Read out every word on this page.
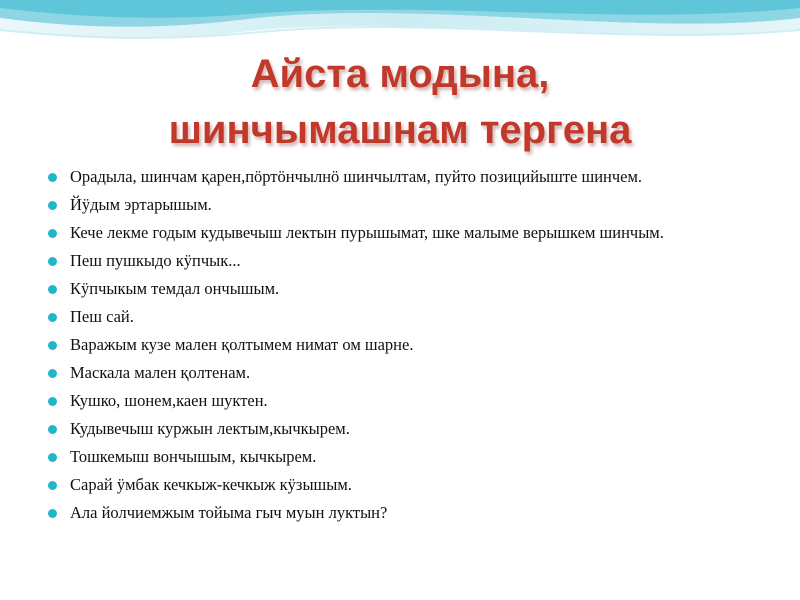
Айста модына,
шинчымашнам тергена
Орадыла, шинчам қарен,пӧртӧнчылнӧ шинчылтам, пуйто позицийыште шинчем.
Йӱдым эртарышым.
Кече лекме годым кудывечыш лектын пурышымат, шке малыме верышкем шинчым.
Пеш пушкыдо кӱпчык...
Кӱпчыкым темдал ончышым.
Пеш сай.
Варажым кузе мален қолтымем нимат ом шарне.
Маскала мален қолтенам.
Кушко, шонем,каен шуктен.
Кудывечыш куржын лектым,кычкырем.
Тошкемыш вончышым, кычкырем.
Сарай ӱмбак кечкыж-кечкыж кӱзышым.
Ала йолчиемжым тойыма гыч муын луктын?
